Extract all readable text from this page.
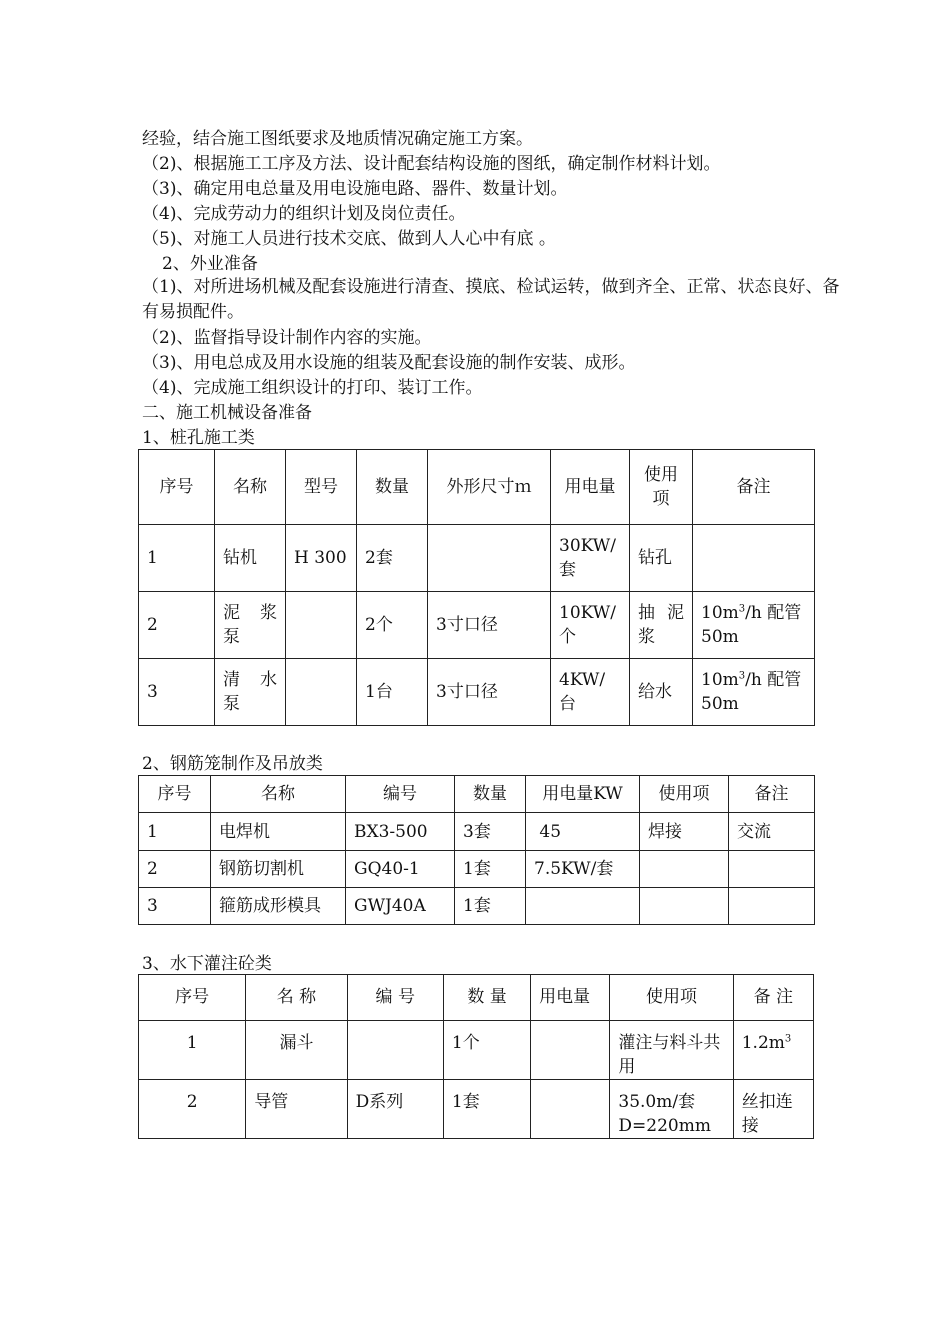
经验，结合施工图纸要求及地质情况确定施工方案。
（2)、根据施工工序及方法、设计配套结构设施的图纸，确定制作材料计划。
（3)、确定用电总量及用电设施电路、器件、数量计划。
（4)、完成劳动力的组织计划及岗位责任。
（5)、对施工人员进行技术交底、做到人人心中有底 。
2、外业准备
（1)、对所进场机械及配套设施进行清查、摸底、检试运转，做到齐全、正常、状态良好、备有易损配件。
（2)、监督指导设计制作内容的实施。
（3)、用电总成及用水设施的组装及配套设施的制作安装、成形。
（4)、完成施工组织设计的打印、装订工作。
二、施工机械设备准备
1、桩孔施工类
序号	名称	型号	数量	外形尺寸ｍ	用电量	使用项	备注
1	钻机	H 300	2套		30KW/套	钻孔	
2	泥 浆泵		2个	3寸口径	10KW/个	抽 泥浆	$10m^3/h$ 配管50m
3	清 水泵		1台	3寸口径	4KW/台	给水	$10m^3/h$ 配管50m
2、钢筋笼制作及吊放类
序号	名称	编号	数量	用电量KW	使用项	备注
1	电焊机	BX3-500	3套	45	焊接	交流
2	钢筋切割机	GQ40-1	1套	7.5KW/套		
3	箍筋成形模具	GWJ40A	1套			
3、水下灌注砼类
序号	名 称	编 号	数 量	用电量	使用项	备 注
1	漏斗		1个		灌注与料斗共用	$1.2m^3$
2	导管	D系列	1套		35.0m/套 D=220mm	丝扣连接
